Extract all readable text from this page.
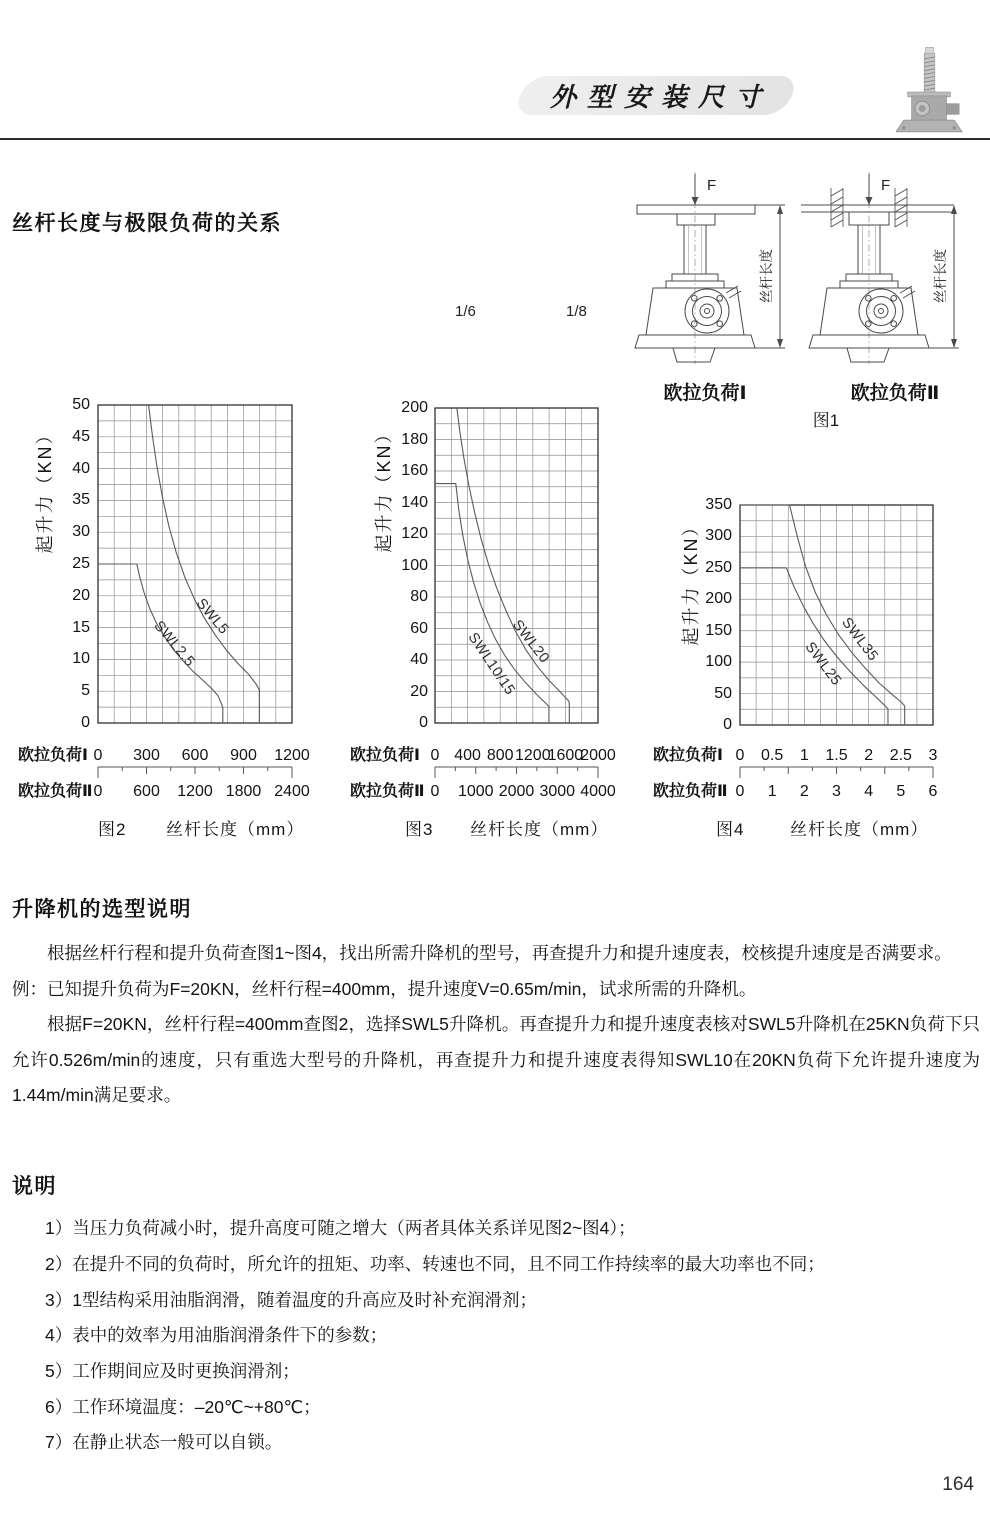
外型安装尺寸
丝杆长度与极限负荷的关系
1/6	1/8
F
丝杆长度
F
丝杆长度
欧拉负荷Ⅰ	欧拉负荷Ⅱ
图1
升降机的选型说明

根据丝杆行程和提升负荷查图1~图4，找出所需升降机的型号，再查提升力和提升速度表，校核提升速度是否满要求。

例：已知提升负荷为F=20KN，丝杆行程=400mm，提升速度V=0.65m/min，试求所需的升降机。

根据F=20KN，丝杆行程=400mm查图2，选择SWL5升降机。再查提升力和提升速度表核对SWL5升降机在25KN负荷下只允许0.526m/min的速度，只有重选大型号的升降机，再查提升力和提升速度表得知SWL10在20KN负荷下允许提升速度为1.44m/min满足要求。

说明
1）当压力负荷减小时，提升高度可随之增大（两者具体关系详见图2~图4）；
2）在提升不同的负荷时，所允许的扭矩、功率、转速也不同，且不同工作持续率的最大功率也不同；
3）1型结构采用油脂润滑，随着温度的升高应及时补充润滑剂；
4）表中的效率为用油脂润滑条件下的参数；
5）工作期间应及时更换润滑剂；
6）工作环境温度：–20℃~+80℃；
7）在静止状态一般可以自锁。
164
起升力（KN）
0
5
10
15
20
25
30
35
40
45
50
SWL2.5
SWL5
欧拉负荷Ⅰ 0 300 600 900 1200
欧拉负荷Ⅱ 0 600 1200 1800 2400
图2 丝杆长度（mm）
起升力（KN）
0
20
40
60
80
100
120
140
160
180
200
SWL10/15
SWL20
欧拉负荷Ⅰ 0 400 800 1200
1600
2000
欧拉负荷Ⅱ 0 1000 2000 3000 4000
图3 丝杆长度（mm）
起升力（KN）
0
50
100
150
200
250
300
350
SWL25
SWL35
欧拉负荷Ⅰ 0 0.5 1 1.5 2 2.5 3
欧拉负荷Ⅱ 0 1 2 3 4 5 6
图4	丝杆长度（mm）
